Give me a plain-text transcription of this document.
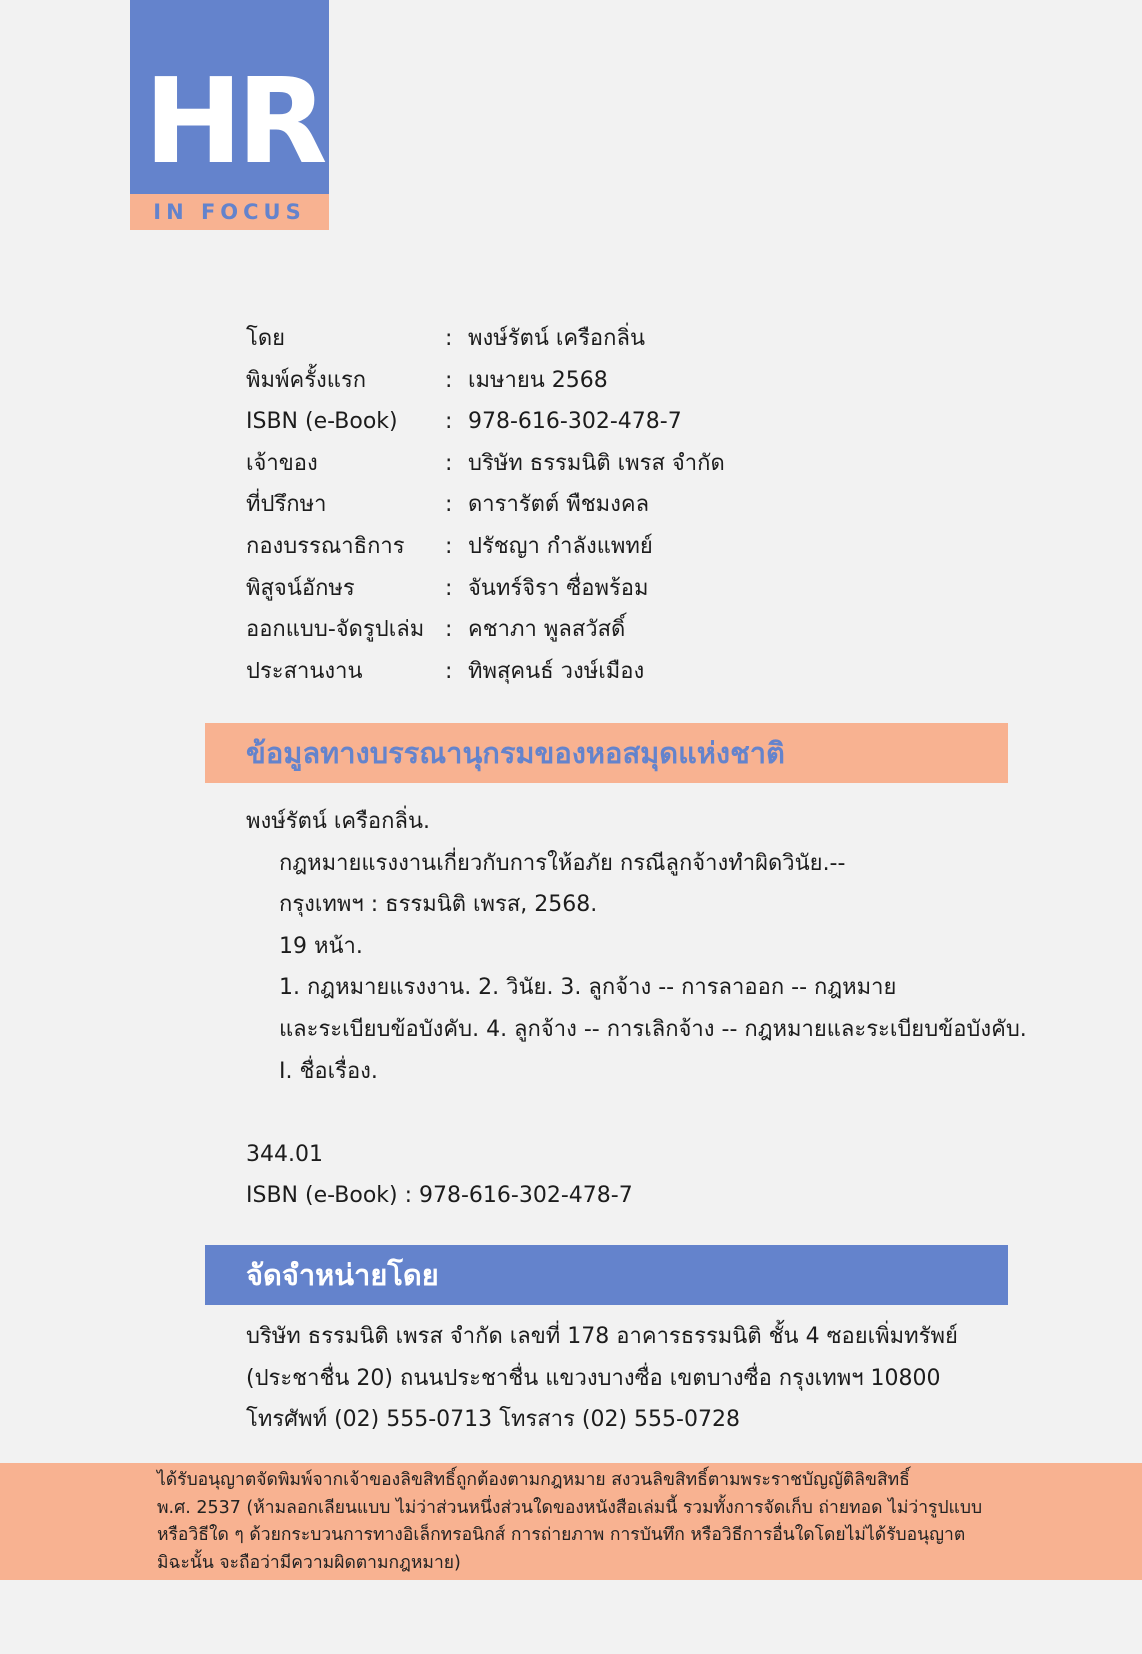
HR
IN FOCUS
โดย	: พงษ์รัตน์ เครือกลิ่น
พิมพ์ครั้งแรก	: เมษายน 2568
ISBN (e-Book) : 978-616-302-478-7
เจ้าของ	: บริษัท ธรรมนิติ เพรส จำกัด
ที่ปรึกษา	: ดารารัตต์ พืชมงคล
กองบรรณาธิการ : ปรัชญา กำลังแพทย์
พิสูจน์อักษร	: จันทร์จิรา ซื่อพร้อม
ออกแบบ-จัดรูปเล่ม : คชาภา พูลสวัสดิ์
ประสานงาน	: ทิพสุคนธ์ วงษ์เมือง
ข้อมูลทางบรรณานุกรมของหอสมุดแห่งชาติ
พงษ์รัตน์ เครือกลิ่น.
กฎหมายแรงงานเกี่ยวกับการให้อภัย กรณีลูกจ้างทำผิดวินัย.--
กรุงเทพฯ : ธรรมนิติ เพรส, 2568.
19 หน้า.
1. กฎหมายแรงงาน. 2. วินัย. 3. ลูกจ้าง -- การลาออก -- กฎหมาย
และระเบียบข้อบังคับ. 4. ลูกจ้าง -- การเลิกจ้าง -- กฎหมายและระเบียบข้อบังคับ.
I. ชื่อเรื่อง.
344.01
ISBN (e-Book) : 978-616-302-478-7
จัดจำหน่ายโดย
บริษัท ธรรมนิติ เพรส จำกัด เลขที่ 178 อาคารธรรมนิติ ชั้น 4 ซอยเพิ่มทรัพย์
(ประชาชื่น 20) ถนนประชาชื่น แขวงบางซื่อ เขตบางซื่อ กรุงเทพฯ 10800
โทรศัพท์ (02) 555-0713 โทรสาร (02) 555-0728
ได้รับอนุญาตจัดพิมพ์จากเจ้าของลิขสิทธิ์ถูกต้องตามกฎหมาย สงวนลิขสิทธิ์ตามพระราชบัญญัติลิขสิทธิ์
พ.ศ. 2537 (ห้ามลอกเลียนแบบ ไม่ว่าส่วนหนึ่งส่วนใดของหนังสือเล่มนี้ รวมทั้งการจัดเก็บ ถ่ายทอด ไม่ว่ารูปแบบ
หรือวิธีใด ๆ ด้วยกระบวนการทางอิเล็กทรอนิกส์ การถ่ายภาพ การบันทึก หรือวิธีการอื่นใดโดยไม่ได้รับอนุญาต
มิฉะนั้น จะถือว่ามีความผิดตามกฎหมาย)
